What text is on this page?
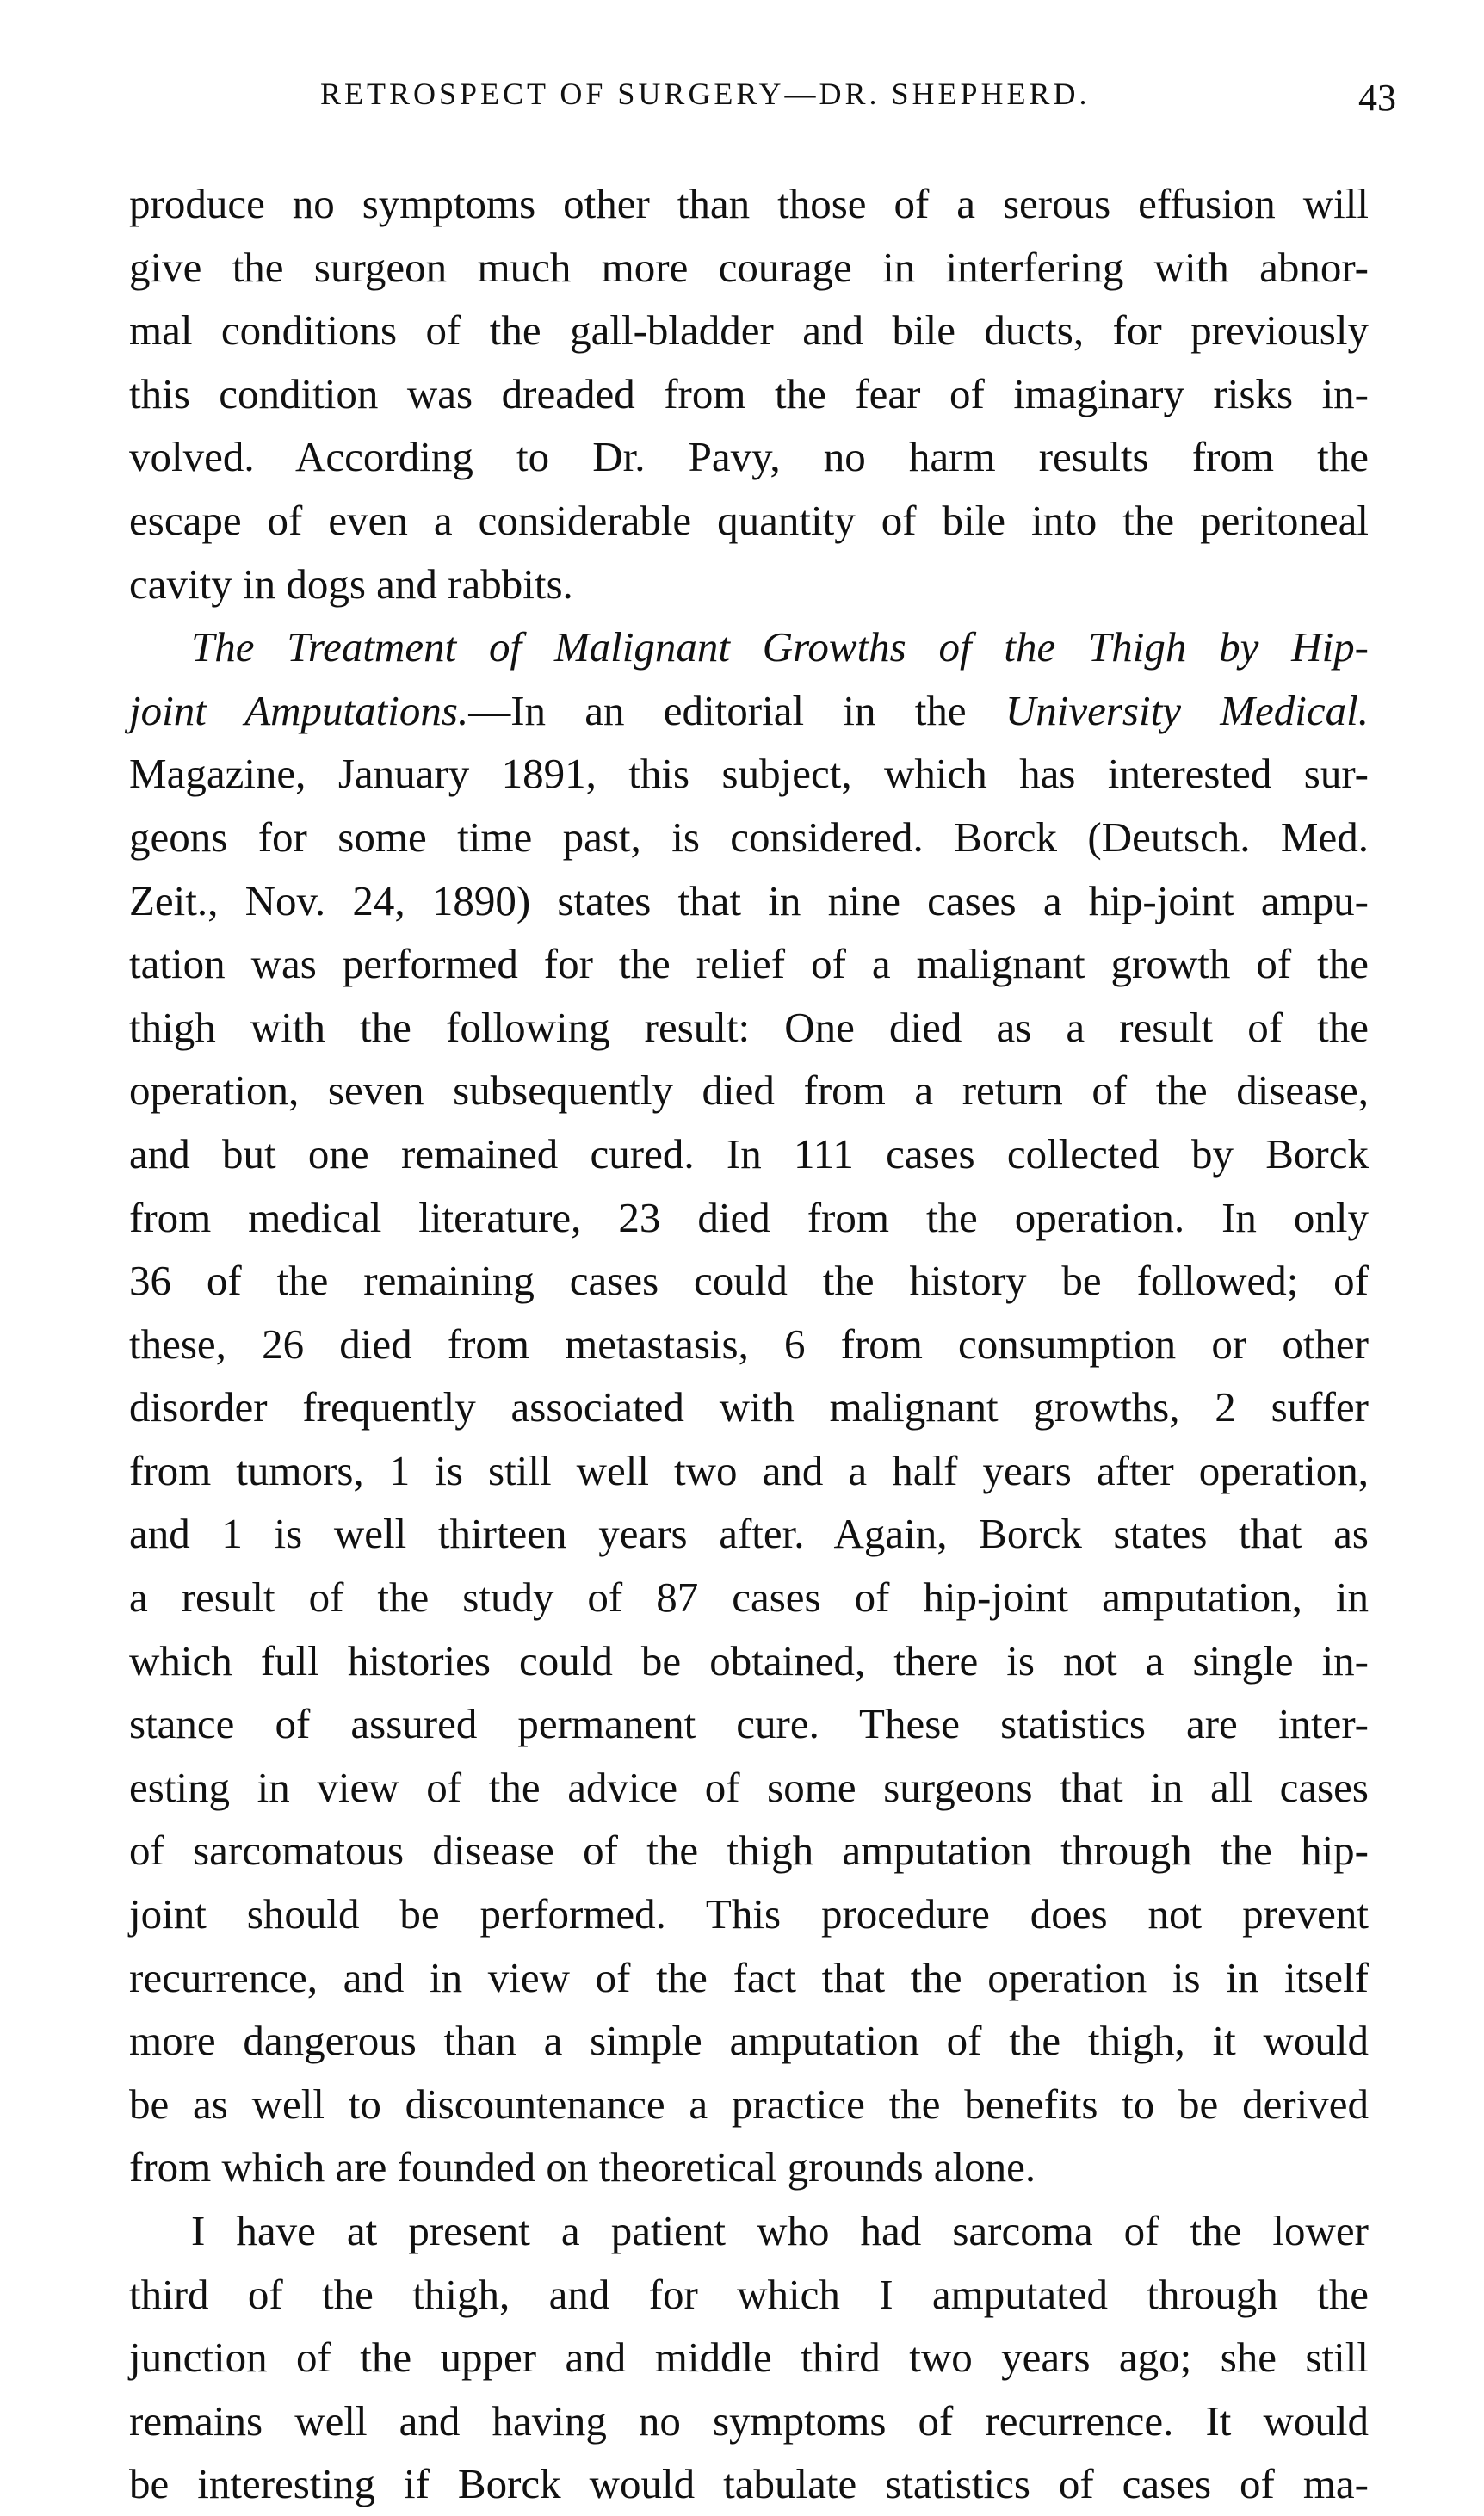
RETROSPECT OF SURGERY—DR. SHEPHERD.	43
produce no symptoms other than those of a serous effusion will
give the surgeon much more courage in interfering with abnor-
mal conditions of the gall-bladder and bile ducts, for previously
this condition was dreaded from the fear of imaginary risks in-
volved. According to Dr. Pavy, no harm results from the
escape of even a considerable quantity of bile into the peritoneal
cavity in dogs and rabbits.
The Treatment of Malignant Growths of the Thigh by Hip-
joint Amputations.—In an editorial in the University Medical.
Magazine, January 1891, this subject, which has interested sur-
geons for some time past, is considered. Borck (Deutsch. Med.
Zeit., Nov. 24, 1890) states that in nine cases a hip-joint ampu-
tation was performed for the relief of a malignant growth of the
thigh with the following result: One died as a result of the
operation, seven subsequently died from a return of the disease,
and but one remained cured. In 111 cases collected by Borck
from medical literature, 23 died from the operation. In only
36 of the remaining cases could the history be followed; of
these, 26 died from metastasis, 6 from consumption or other
disorder frequently associated with malignant growths, 2 suffer
from tumors, 1 is still well two and a half years after operation,
and 1 is well thirteen years after. Again, Borck states that as
a result of the study of 87 cases of hip-joint amputation, in
which full histories could be obtained, there is not a single in-
stance of assured permanent cure. These statistics are inter-
esting in view of the advice of some surgeons that in all cases
of sarcomatous disease of the thigh amputation through the hip-
joint should be performed. This procedure does not prevent
recurrence, and in view of the fact that the operation is in itself
more dangerous than a simple amputation of the thigh, it would
be as well to discountenance a practice the benefits to be derived
from which are founded on theoretical grounds alone.
I have at present a patient who had sarcoma of the lower
third of the thigh, and for which I amputated through the
junction of the upper and middle third two years ago; she still
remains well and having no symptoms of recurrence. It would
be interesting if Borck would tabulate statistics of cases of ma-
